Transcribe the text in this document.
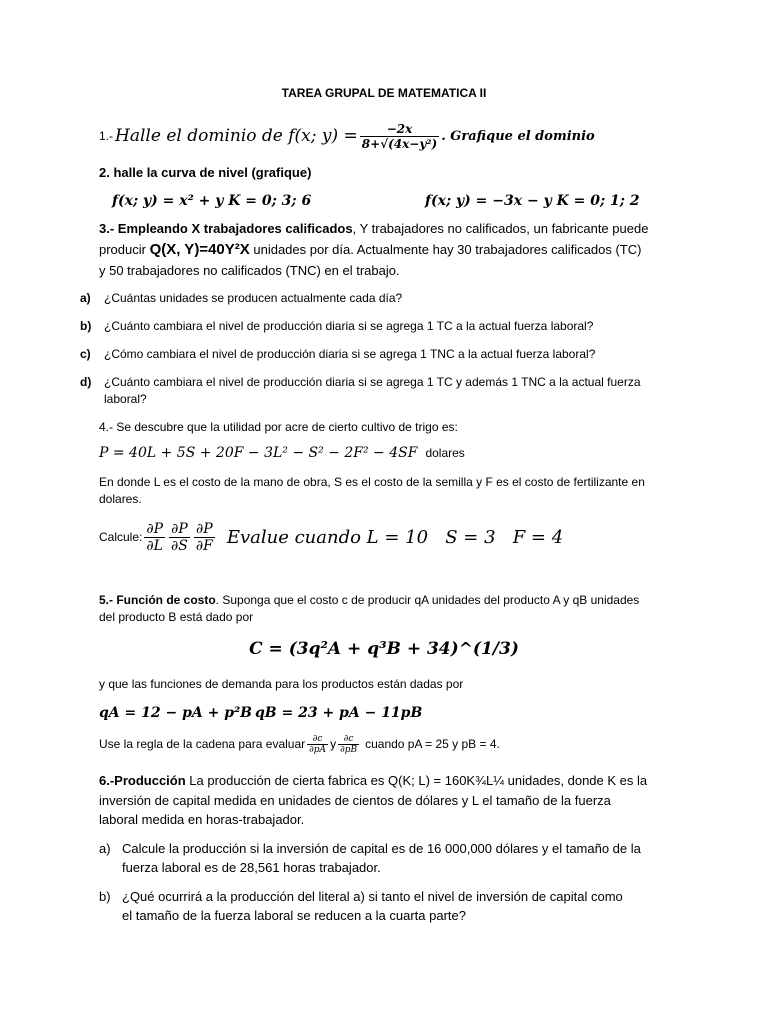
TAREA GRUPAL DE MATEMATICA II
1.- Halle el dominio de f(x; $y) = \frac{-2x}{\text{8+√(4x−y²)}}$ . Grafique el dominio
2. halle la curva de nivel (grafique)
f(x; y) = x² + y K = 0; 3; 6	f(x; y) = −3x − y K = 0; 1; 2
3.- Empleando X trabajadores calificados, Y trabajadores no calificados, un fabricante puede
producir Q(X, Y)=40Y²X unidades por día. Actualmente hay 30 trabajadores calificados (TC)
y 50 trabajadores no calificados (TNC) en el trabajo.
a) ¿Cuántas unidades se producen actualmente cada día?
b) ¿Cuánto cambiara el nivel de producción diaria si se agrega 1 TC a la actual fuerza laboral?
c) ¿Cómo cambiara el nivel de producción diaria si se agrega 1 TNC a la actual fuerza laboral?
d) ¿Cuánto cambiara el nivel de producción diaria si se agrega 1 TC y además 1 TNC a la actual fuerza
laboral?
4.- Se descubre que la utilidad por acre de cierto cultivo de trigo es:
P = 40L + 5S + 20F − 3L² − S² − 2F² − 4SF dolares
En donde L es el costo de la mano de obra, S es el costo de la semilla y F es el costo de fertilizante en
dolares.
Calcule: $\frac{\partial P}{\partial L} \frac{\partial P}{\partial S} \frac{\partial P}{\partial F}$ Evalue cuando L = 10   S = 3   F = 4
5.- Función de costo. Suponga que el costo c de producir qA unidades del producto A y qB unidades
del producto B está dado por
C = (3q²A + q³B + 34)^(1/3)
y que las funciones de demanda para los productos están dadas por
qA = 12 − pA + p²B qB = 23 + pA − 11pB
Use la regla de la cadena para evaluar $\frac{\partial c}{\partial pA}$ y $\frac{\partial c}{\partial pB}$ cuando pA = 25 y pB = 4.
6.-Producción La producción de cierta fabrica es Q(K; L) = 160K¾L¼ unidades, donde K es la
inversión de capital medida en unidades de cientos de dólares y L el tamaño de la fuerza
laboral medida en horas-trabajador.
a) Calcule la producción si la inversión de capital es de 16 000,000 dólares y el tamaño de la
fuerza laboral es de 28,561 horas trabajador.
b) ¿Qué ocurrirá a la producción del literal a) si tanto el nivel de inversión de capital como
el tamaño de la fuerza laboral se reducen a la cuarta parte?
